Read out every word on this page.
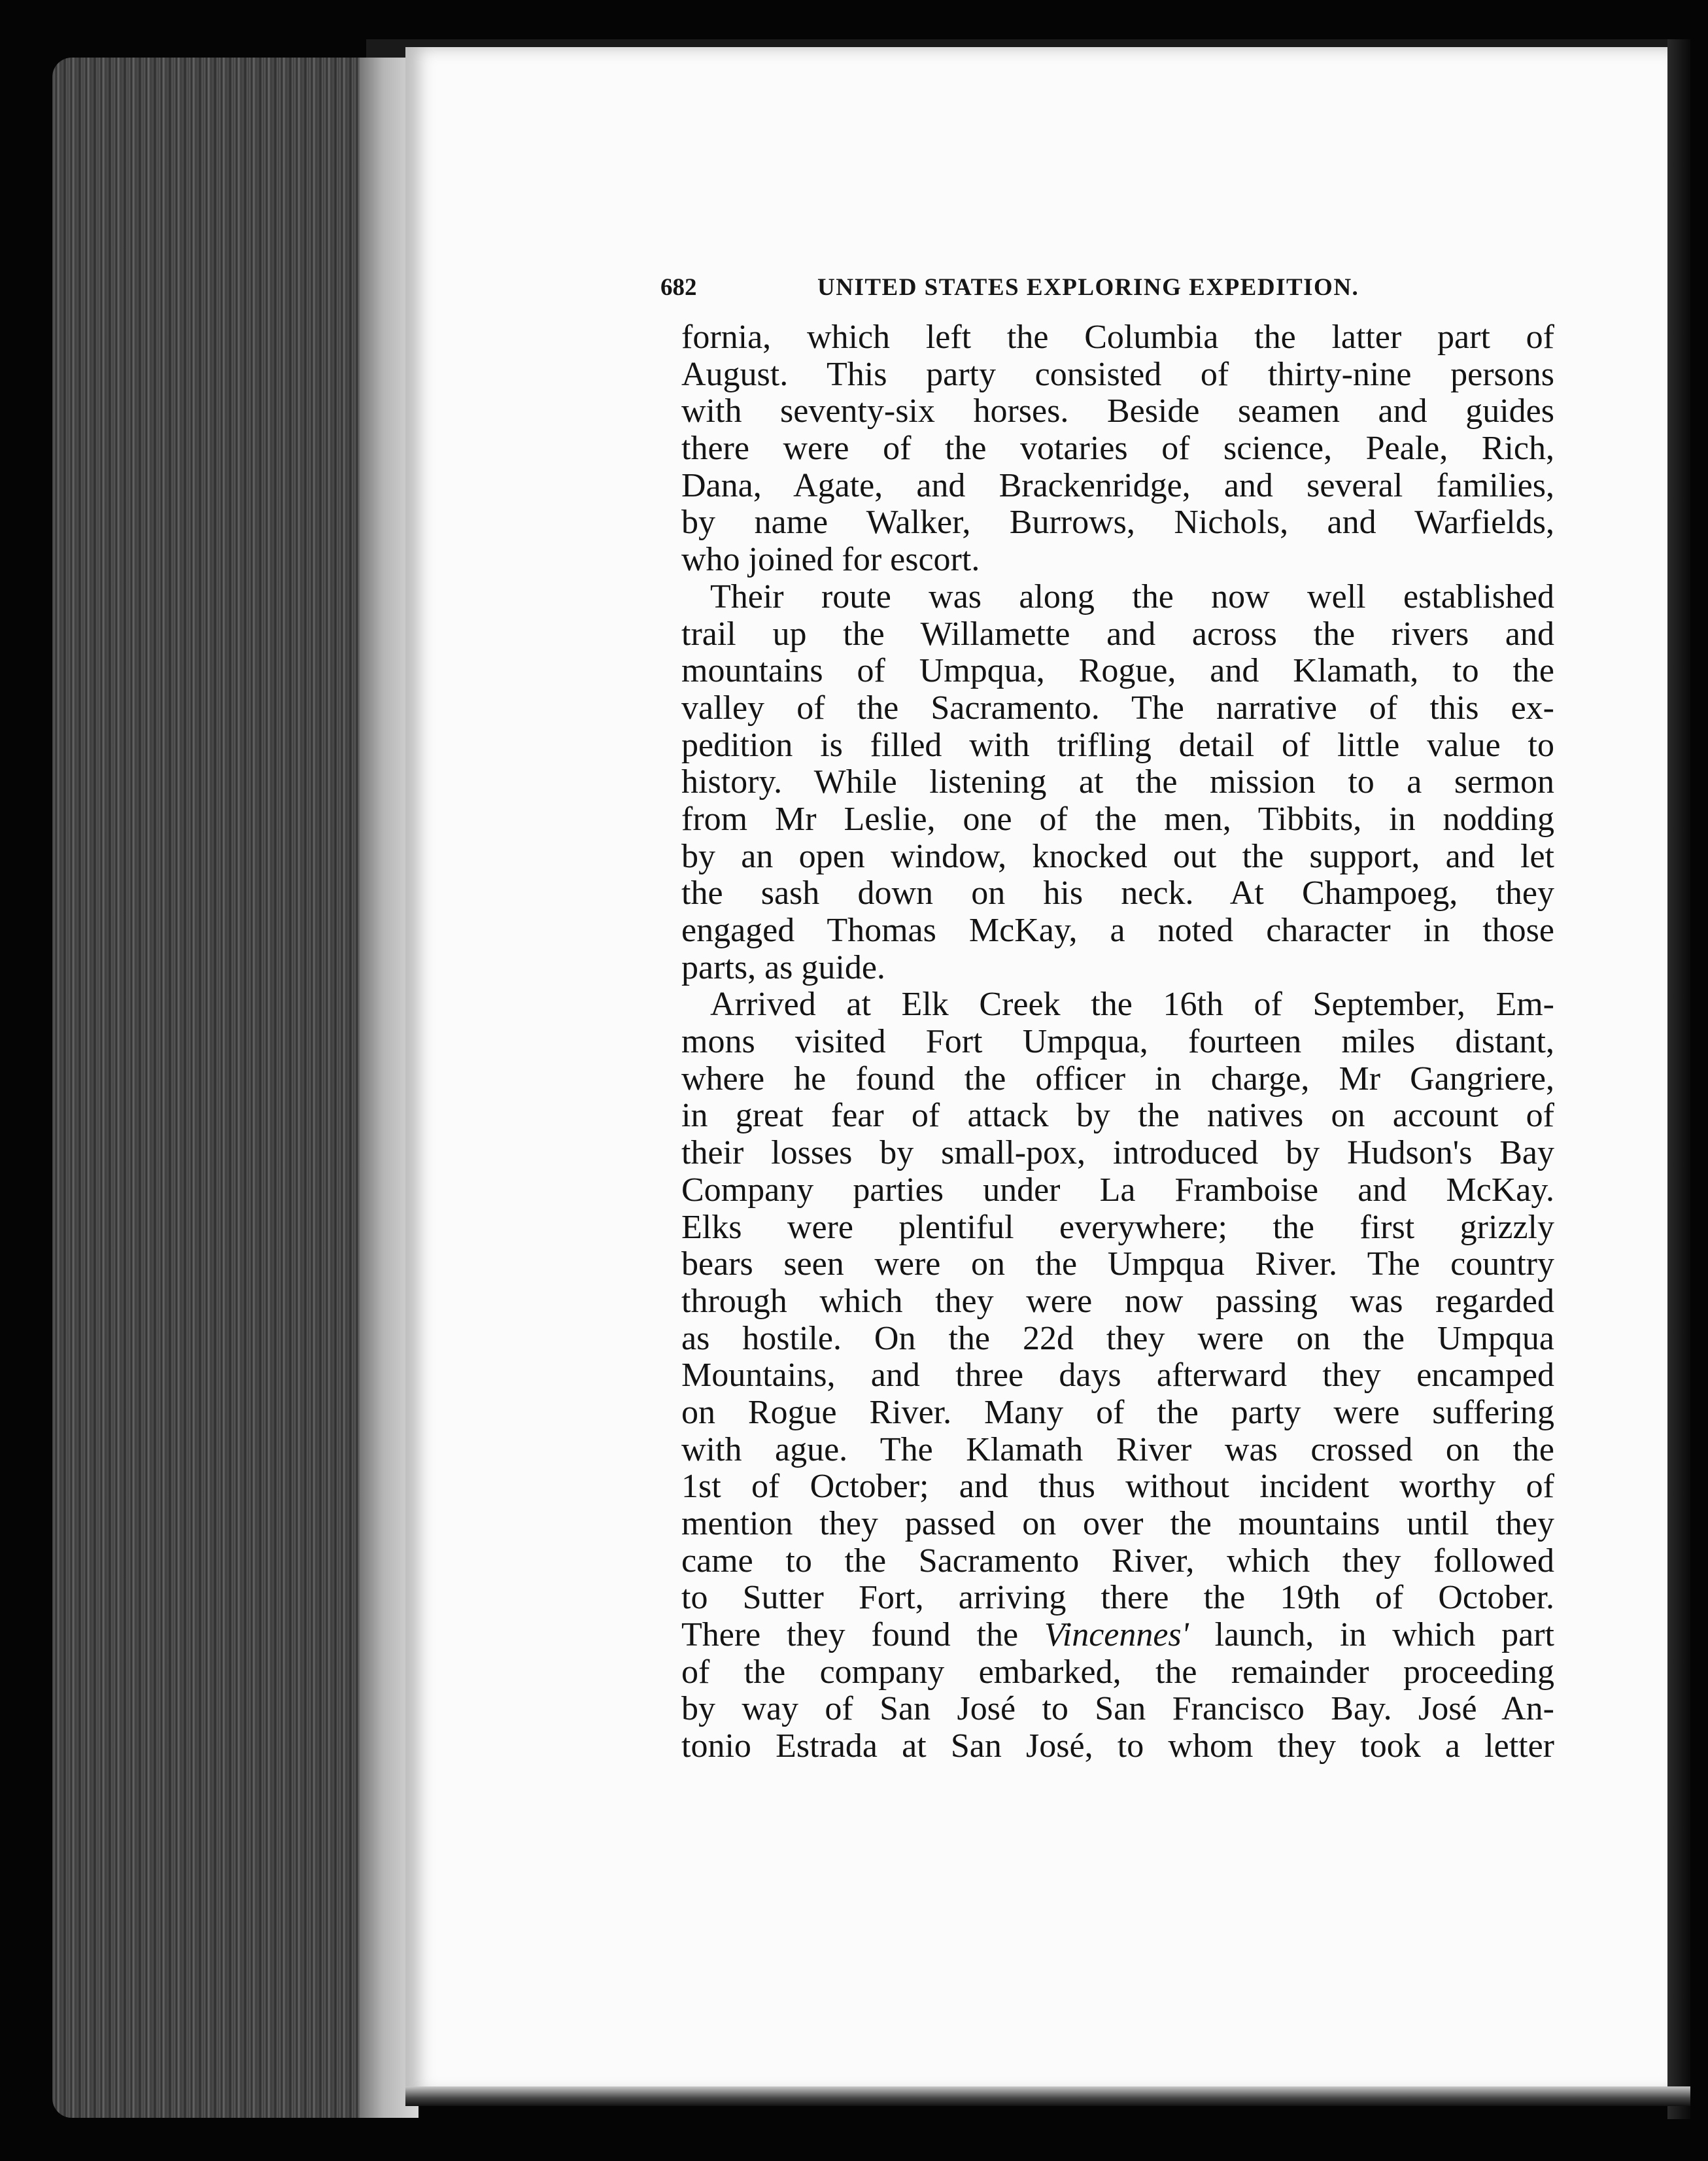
682	UNITED STATES EXPLORING EXPEDITION.
fornia, which left the Columbia the latter part of
August. This party consisted of thirty-nine persons
with seventy-six horses. Beside seamen and guides
there were of the votaries of science, Peale, Rich,
Dana, Agate, and Brackenridge, and several families,
by name Walker, Burrows, Nichols, and Warfields,
who joined for escort.
Their route was along the now well established
trail up the Willamette and across the rivers and
mountains of Umpqua, Rogue, and Klamath, to the
valley of the Sacramento. The narrative of this ex-
pedition is filled with trifling detail of little value to
history. While listening at the mission to a sermon
from Mr Leslie, one of the men, Tibbits, in nodding
by an open window, knocked out the support, and let
the sash down on his neck. At Champoeg, they
engaged Thomas McKay, a noted character in those
parts, as guide.
Arrived at Elk Creek the 16th of September, Em-
mons visited Fort Umpqua, fourteen miles distant,
where he found the officer in charge, Mr Gangriere,
in great fear of attack by the natives on account of
their losses by small-pox, introduced by Hudson's Bay
Company parties under La Framboise and McKay.
Elks were plentiful everywhere; the first grizzly
bears seen were on the Umpqua River. The country
through which they were now passing was regarded
as hostile. On the 22d they were on the Umpqua
Mountains, and three days afterward they encamped
on Rogue River. Many of the party were suffering
with ague. The Klamath River was crossed on the
1st of October; and thus without incident worthy of
mention they passed on over the mountains until they
came to the Sacramento River, which they followed
to Sutter Fort, arriving there the 19th of October.
There they found the Vincennes' launch, in which part
of the company embarked, the remainder proceeding
by way of San José to San Francisco Bay. José An-
tonio Estrada at San José, to whom they took a letter
